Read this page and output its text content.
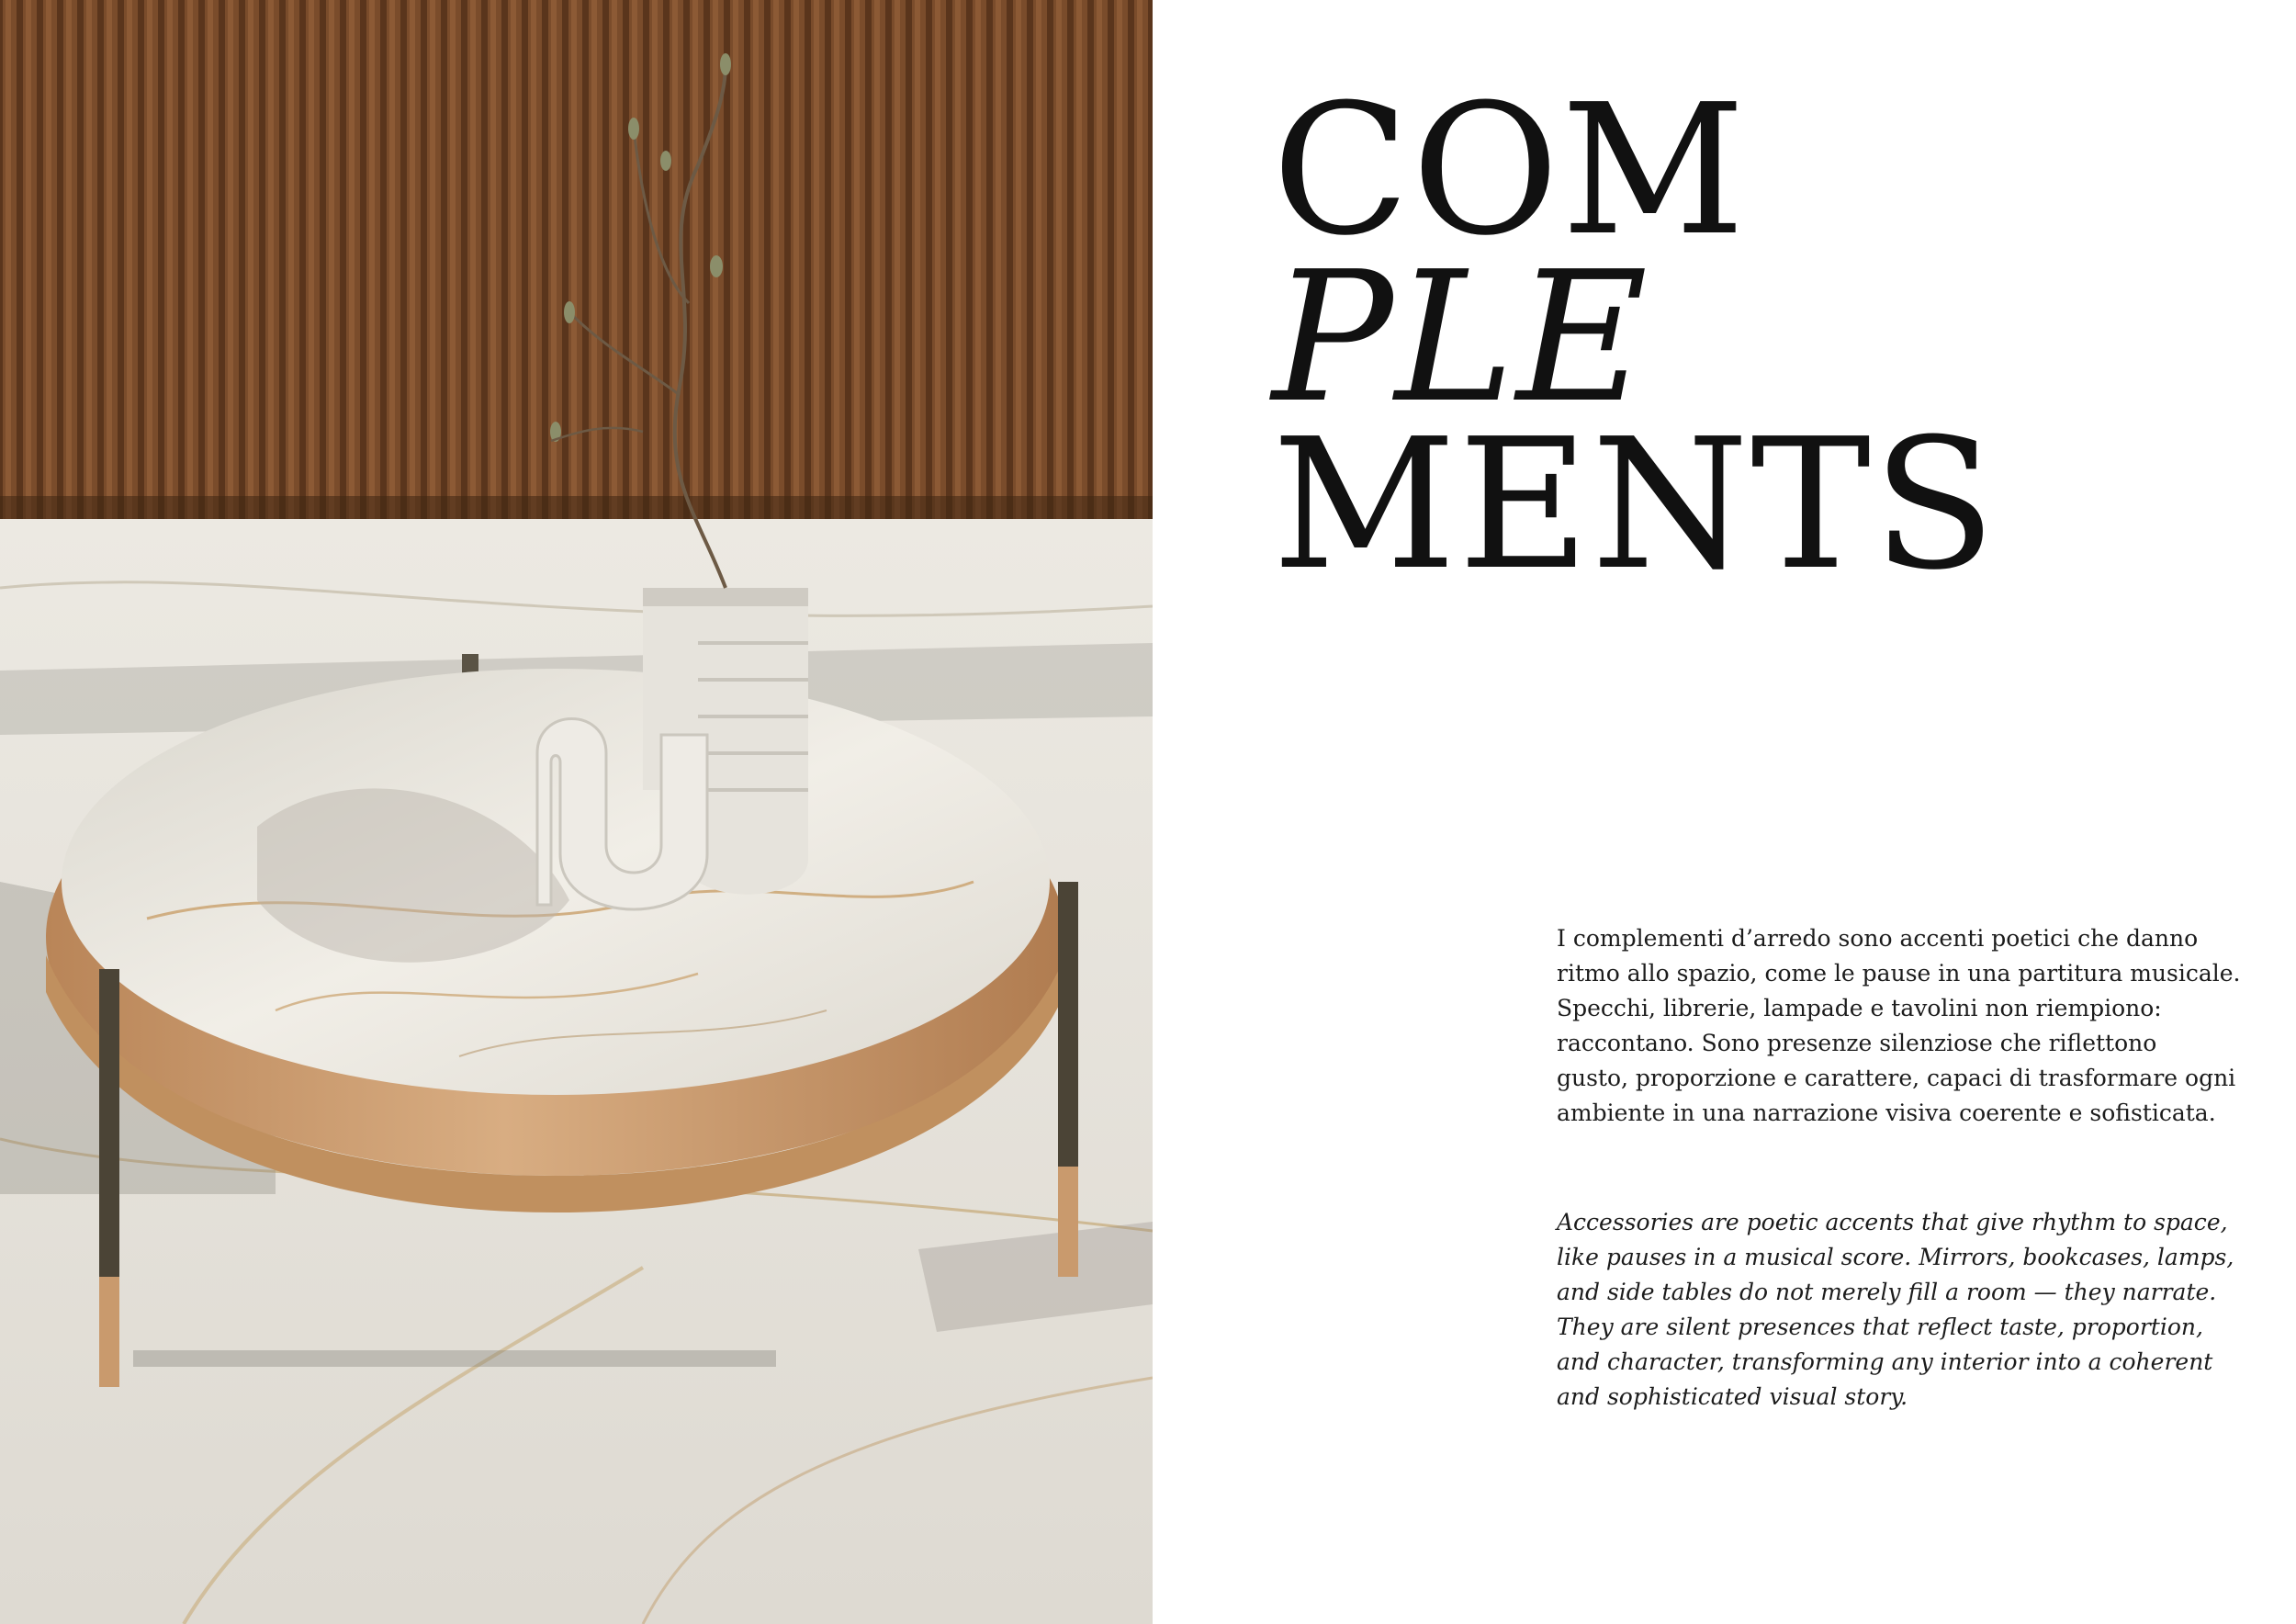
COM
PLE
MENTS

I complementi d’arredo sono accenti poetici che danno

ritmo allo spazio, come le pause in una partitura musicale.

Specchi, librerie, lampade e tavolini non riempiono:

raccontano. Sono presenze silenziose che riflettono

gusto, proporzione e carattere, capaci di trasformare ogni

ambiente in una narrazione visiva coerente e sofisticata.

Accessories are poetic accents that give rhythm to space,

like pauses in a musical score. Mirrors, bookcases, lamps,

and side tables do not merely fill a room — they narrate.

They are silent presences that reflect taste, proportion,

and character, transforming any interior into a coherent

and sophisticated visual story.
